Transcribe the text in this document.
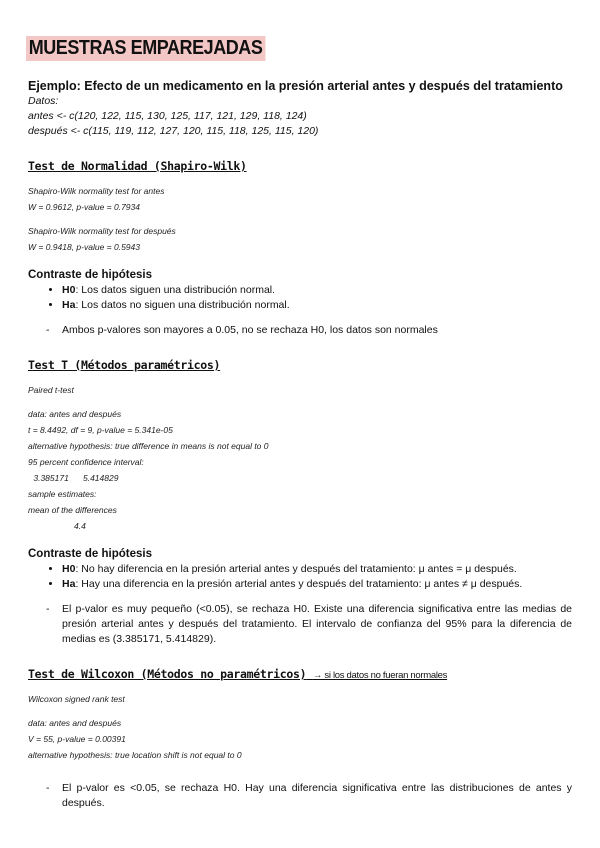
MUESTRAS EMPAREJADAS
Ejemplo: Efecto de un medicamento en la presión arterial antes y después del tratamiento
Datos:
antes <- c(120, 122, 115, 130, 125, 117, 121, 129, 118, 124)
después <- c(115, 119, 112, 127, 120, 115, 118, 125, 115, 120)
Test de Normalidad (Shapiro-Wilk)
Shapiro-Wilk normality test for antes
W = 0.9612, p-value = 0.7934
Shapiro-Wilk normality test for después
W = 0.9418, p-value = 0.5943
Contraste de hipótesis
• H0: Los datos siguen una distribución normal.
• Ha: Los datos no siguen una distribución normal.
- Ambos p-valores son mayores a 0.05, no se rechaza H0, los datos son normales
Test T (Métodos paramétricos)
Paired t-test
data: antes and después
t = 8.4492, df = 9, p-value = 5.341e-05
alternative hypothesis: true difference in means is not equal to 0
95 percent confidence interval:
3.385171      5.414829
sample estimates:
mean of the differences
4.4
Contraste de hipótesis
• H0: No hay diferencia en la presión arterial antes y después del tratamiento: μ antes = μ después.
• Ha: Hay una diferencia en la presión arterial antes y después del tratamiento: μ antes ≠ μ después.
- El p-valor es muy pequeño (<0.05), se rechaza H0. Existe una diferencia significativa entre las medias de presión arterial antes y después del tratamiento. El intervalo de confianza del 95% para la diferencia de medias es (3.385171, 5.414829).
Test de Wilcoxon (Métodos no paramétricos) → si los datos no fueran normales
Wilcoxon signed rank test
data: antes and después
V = 55, p-value = 0.00391
alternative hypothesis: true location shift is not equal to 0
- El p-valor es <0.05, se rechaza H0. Hay una diferencia significativa entre las distribuciones de antes y después.
